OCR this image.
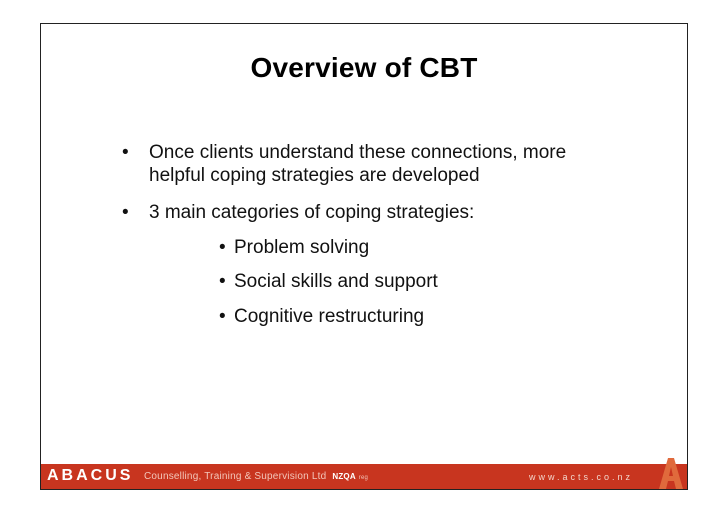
Overview of CBT
•	Once clients understand these connections, more
helpful coping strategies are developed
•	3 main categories of coping strategies:
• Problem solving
• Social skills and support
• Cognitive restructuring
ABACUS Counselling, Training & Supervision Ltd NZQA reg	www.acts.co.nz
